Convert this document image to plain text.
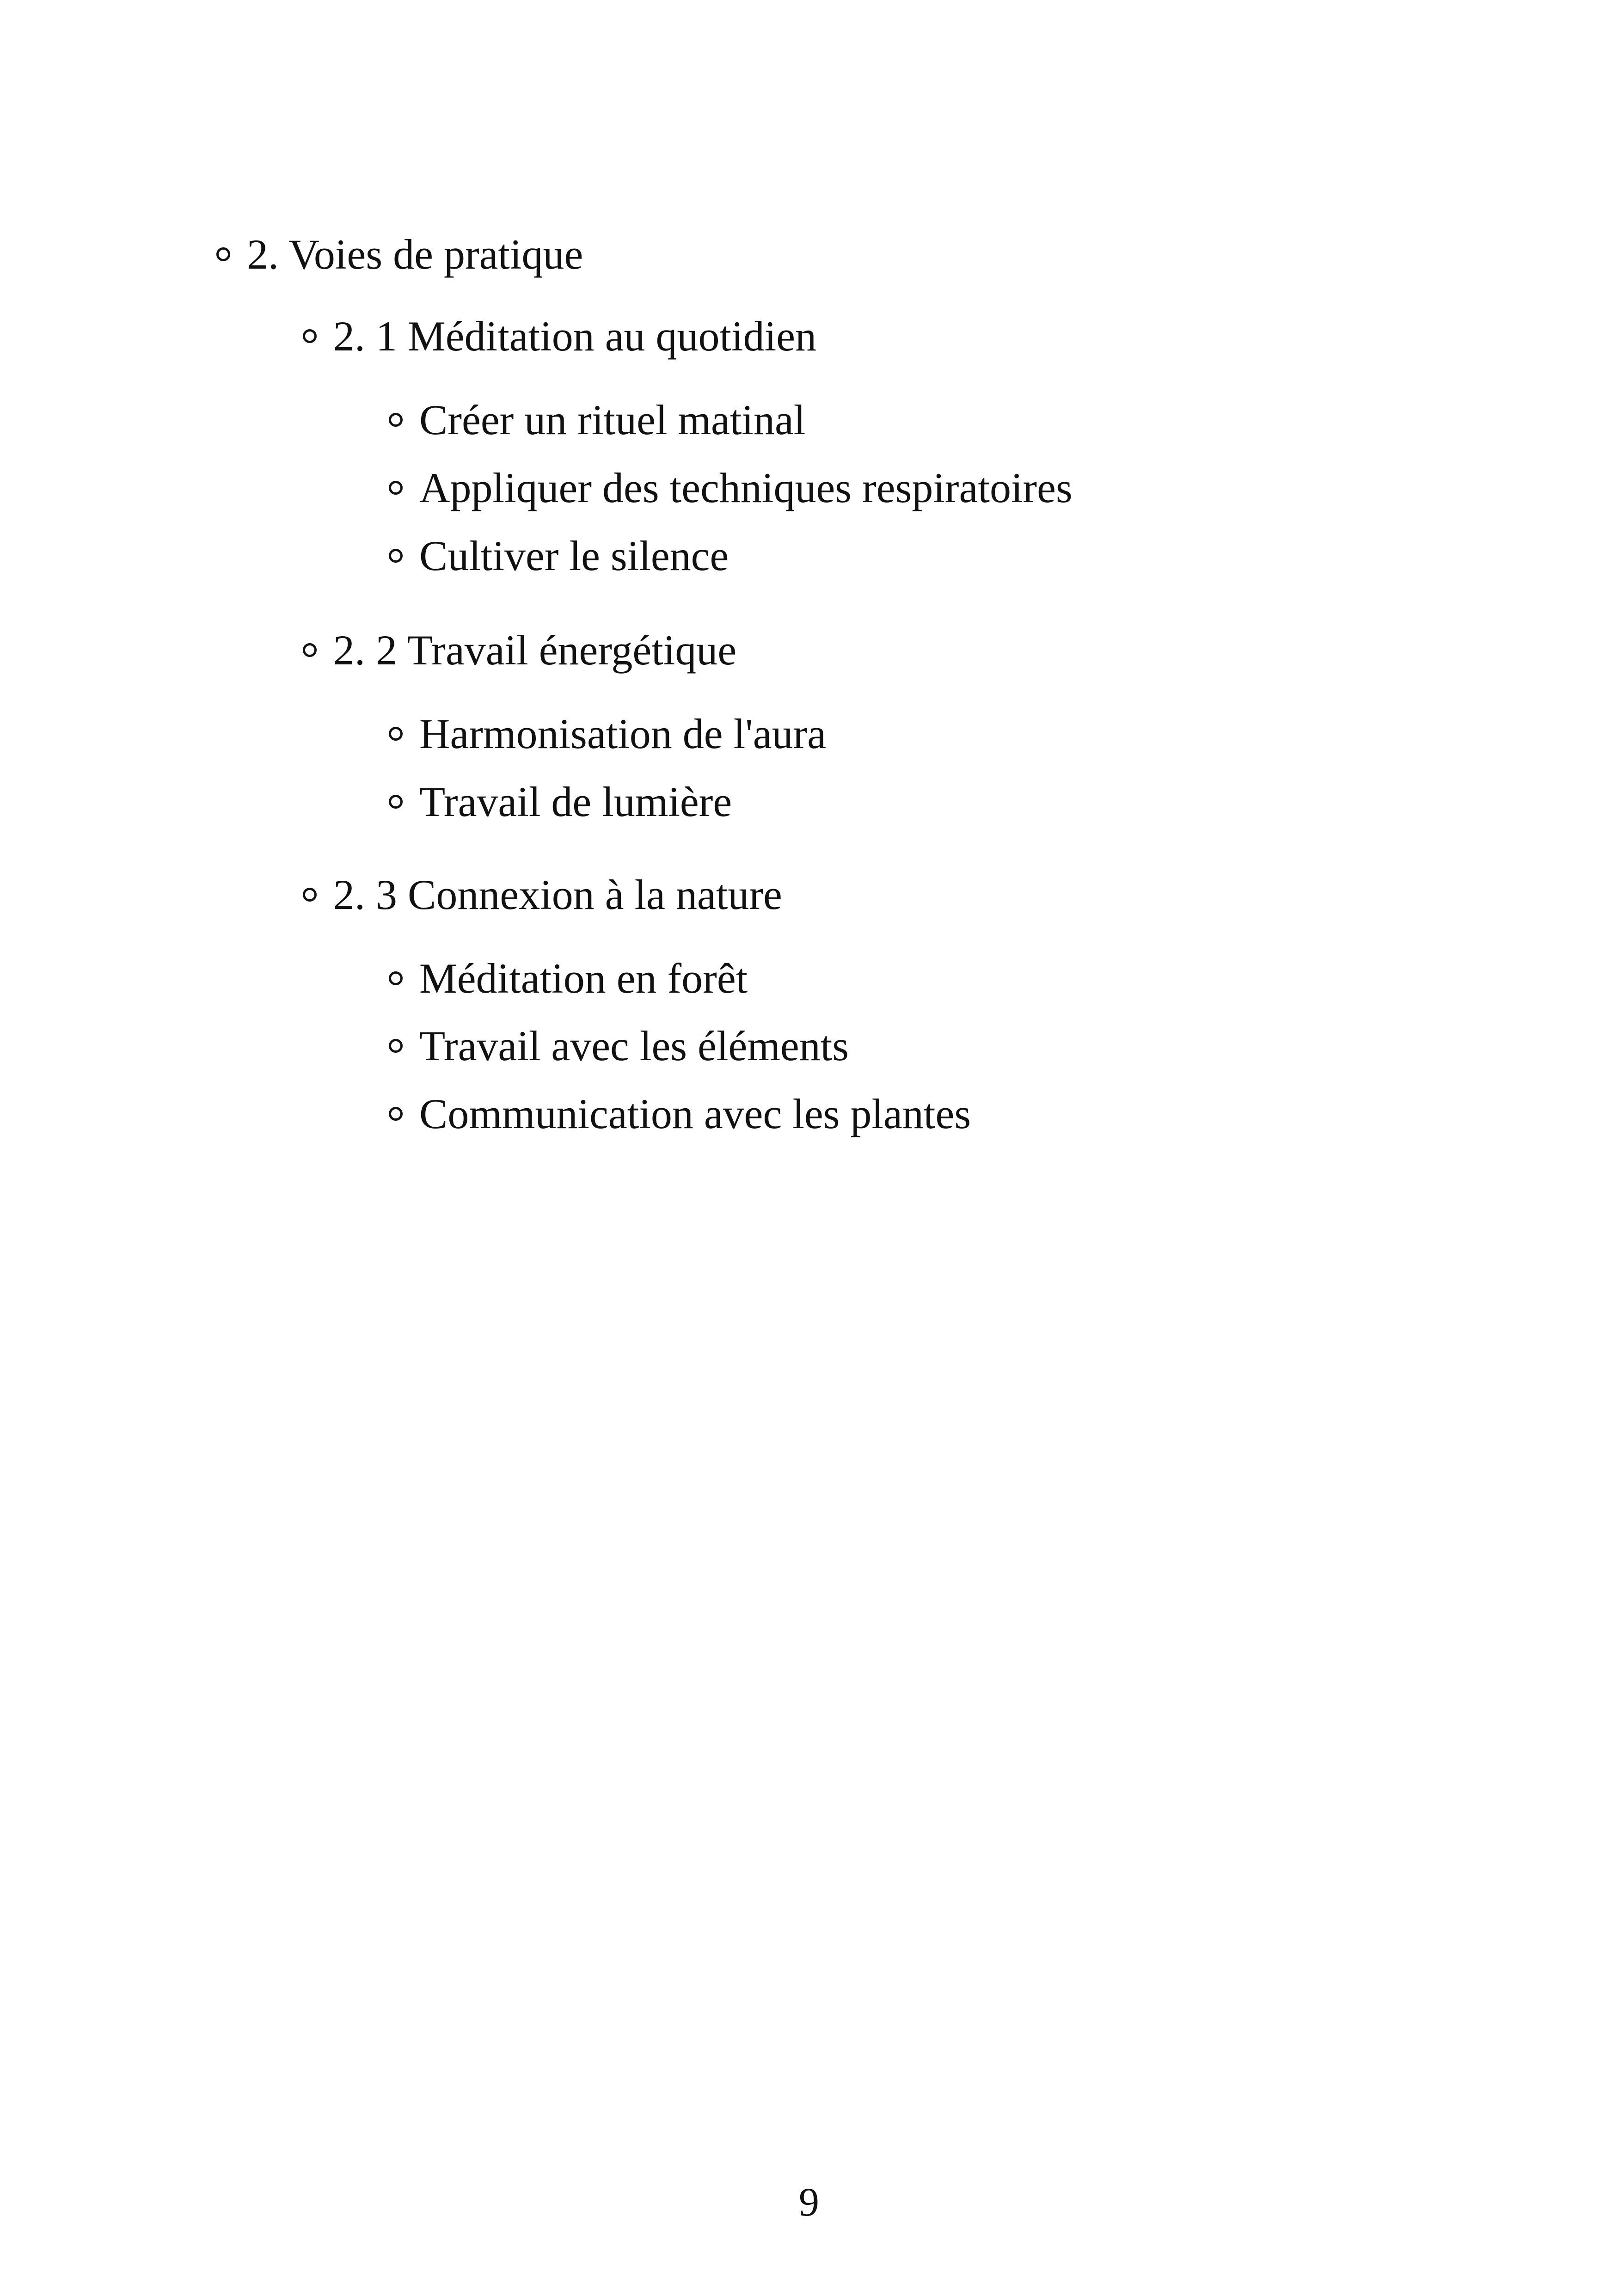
2. Voies de pratique
2. 1 Méditation au quotidien
Créer un rituel matinal
Appliquer des techniques respiratoires
Cultiver le silence
2. 2 Travail énergétique
Harmonisation de l'aura
Travail de lumière
2. 3 Connexion à la nature
Méditation en forêt
Travail avec les éléments
Communication avec les plantes
9
